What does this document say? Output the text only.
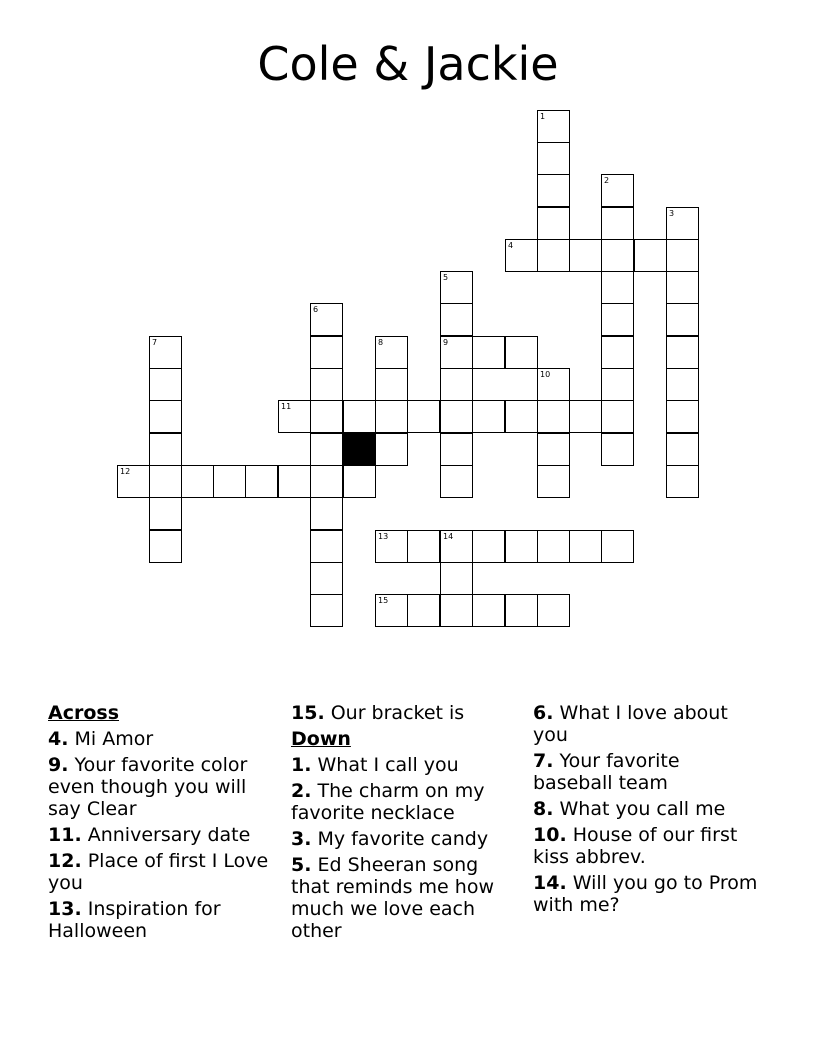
Cole & Jackie
1
2
3
4
5
9
6
7	8
10
11
12
13	14
15
Across
4. Mi Amor
9. Your favorite color even though you will say Clear
11. Anniversary date
12. Place of first I Love you
13. Inspiration for Halloween
15. Our bracket is
Down
1. What I call you
2. The charm on my favorite necklace
3. My favorite candy
5. Ed Sheeran song that reminds me how much we love each other
6. What I love about you
7. Your favorite baseball team
8. What you call me
10. House of our first kiss abbrev.
14. Will you go to Prom with me?
